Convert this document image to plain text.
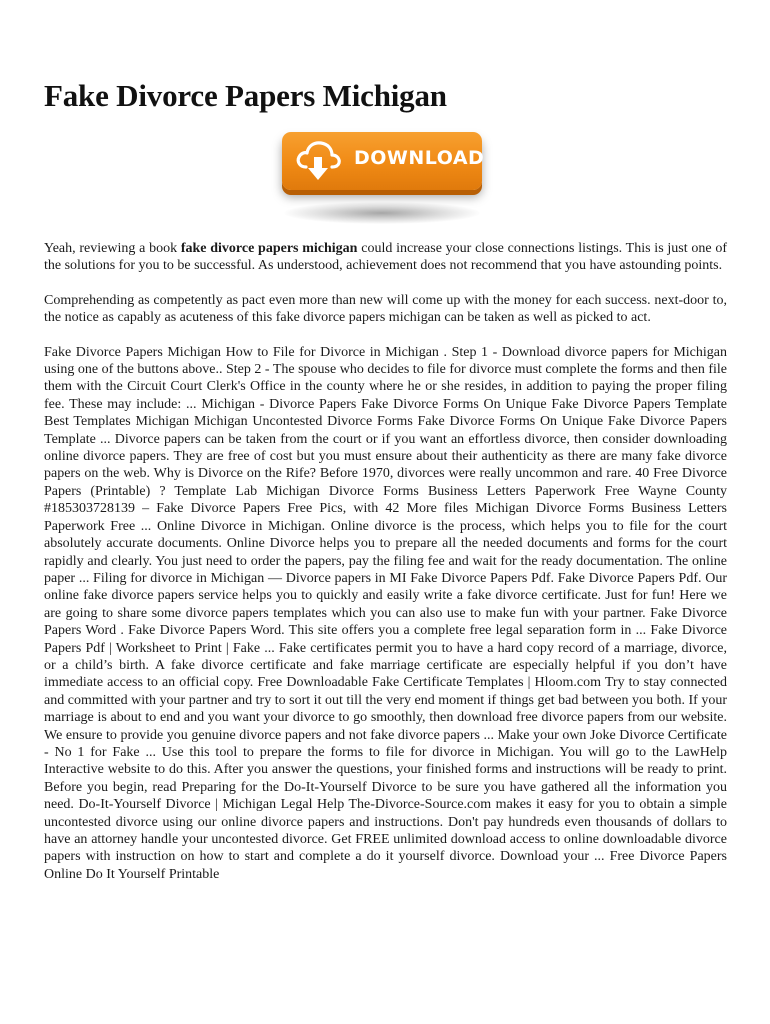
Fake Divorce Papers Michigan
DOWNLOAD

Yeah, reviewing a book fake divorce papers michigan could increase your close connections listings. This is just one of the solutions for you to be successful. As understood, achievement does not recommend that you have astounding points.

Comprehending as competently as pact even more than new will come up with the money for each success. next-door to, the notice as capably as acuteness of this fake divorce papers michigan can be taken as well as picked to act.

Fake Divorce Papers Michigan How to File for Divorce in Michigan . Step 1 - Download divorce papers for Michigan using one of the buttons above.. Step 2 - The spouse who decides to file for divorce must complete the forms and then file them with the Circuit Court Clerk's Office in the county where he or she resides, in addition to paying the proper filing fee. These may include: ... Michigan - Divorce Papers Fake Divorce Forms On Unique Fake Divorce Papers Template Best Templates Michigan Michigan Uncontested Divorce Forms Fake Divorce Forms On Unique Fake Divorce Papers Template ... Divorce papers can be taken from the court or if you want an effortless divorce, then consider downloading online divorce papers. They are free of cost but you must ensure about their authenticity as there are many fake divorce papers on the web. Why is Divorce on the Rife? Before 1970, divorces were really uncommon and rare. 40 Free Divorce Papers (Printable) ? Template Lab Michigan Divorce Forms Business Letters Paperwork Free Wayne County #185303728139 – Fake Divorce Papers Free Pics, with 42 More files Michigan Divorce Forms Business Letters Paperwork Free ... Online Divorce in Michigan. Online divorce is the process, which helps you to file for the court absolutely accurate documents. Online Divorce helps you to prepare all the needed documents and forms for the court rapidly and clearly. You just need to order the papers, pay the filing fee and wait for the ready documentation. The online paper ... Filing for divorce in Michigan — Divorce papers in MI Fake Divorce Papers Pdf. Fake Divorce Papers Pdf. Our online fake divorce papers service helps you to quickly and easily write a fake divorce certificate. Just for fun! Here we are going to share some divorce papers templates which you can also use to make fun with your partner. Fake Divorce Papers Word . Fake Divorce Papers Word. This site offers you a complete free legal separation form in ... Fake Divorce Papers Pdf | Worksheet to Print | Fake ... Fake certificates permit you to have a hard copy record of a marriage, divorce, or a child’s birth. A fake divorce certificate and fake marriage certificate are especially helpful if you don’t have immediate access to an official copy. Free Downloadable Fake Certificate Templates | Hloom.com Try to stay connected and committed with your partner and try to sort it out till the very end moment if things get bad between you both. If your marriage is about to end and you want your divorce to go smoothly, then download free divorce papers from our website. We ensure to provide you genuine divorce papers and not fake divorce papers ... Make your own Joke Divorce Certificate - No 1 for Fake ... Use this tool to prepare the forms to file for divorce in Michigan. You will go to the LawHelp Interactive website to do this. After you answer the questions, your finished forms and instructions will be ready to print. Before you begin, read Preparing for the Do-It-Yourself Divorce to be sure you have gathered all the information you need. Do-It-Yourself Divorce | Michigan Legal Help The-Divorce-Source.com makes it easy for you to obtain a simple uncontested divorce using our online divorce papers and instructions. Don't pay hundreds even thousands of dollars to have an attorney handle your uncontested divorce. Get FREE unlimited download access to online downloadable divorce papers with instruction on how to start and complete a do it yourself divorce. Download your ... Free Divorce Papers Online Do It Yourself Printable
